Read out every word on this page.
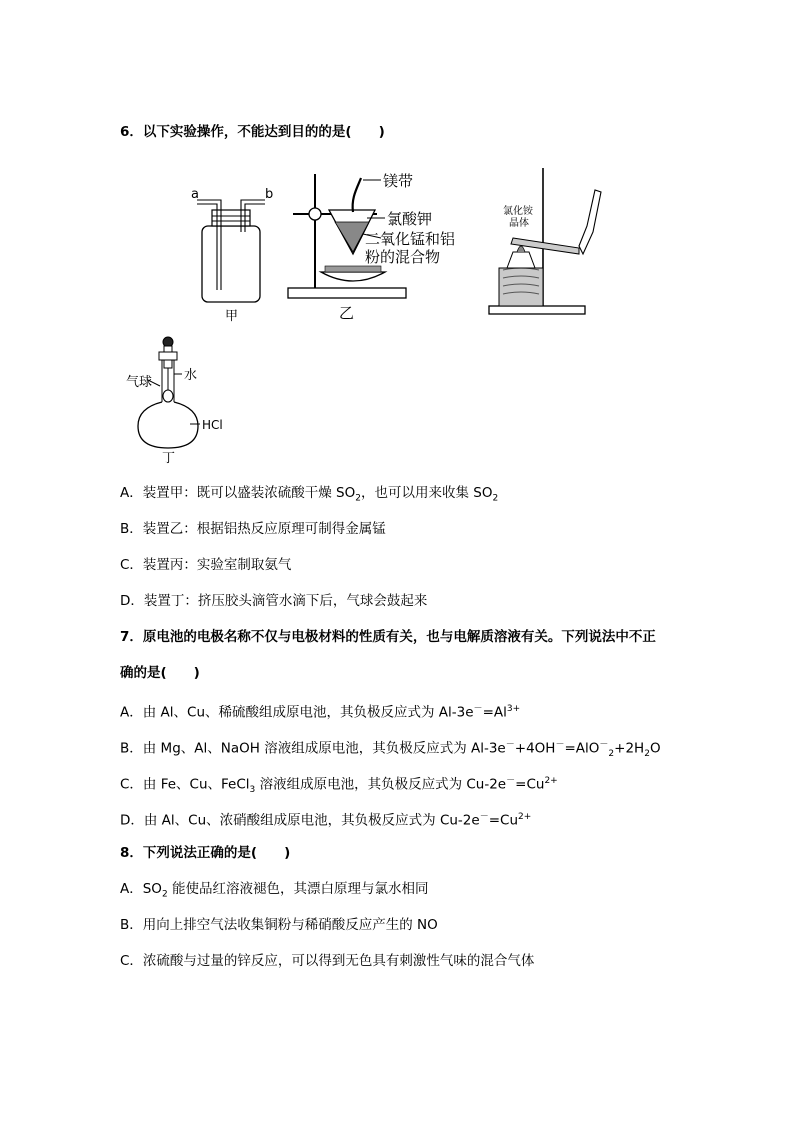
6．以下实验操作，不能达到目的的是(　　)
a	b
甲
镁带
氯酸钾
二氧化锰和铝
粉的混合物
乙
氯化铵
晶体
水
气球
HCl
丁
A．装置甲：既可以盛装浓硫酸干燥 $SO_2$，也可以用来收集 $SO_2$
B．装置乙：根据铝热反应原理可制得金属锰
C．装置丙：实验室制取氨气
D．装置丁：挤压胶头滴管水滴下后，气球会鼓起来
7．原电池的电极名称不仅与电极材料的性质有关，也与电解质溶液有关。下列说法中不正
确的是(　　)
A．由 Al、Cu、稀硫酸组成原电池，其负极反应式为 $Al-3e^-=Al^{3+}$
B．由 Mg、Al、NaOH 溶液组成原电池，其负极反应式为 $Al-3e^-+4OH^-=AlO^-_2+2H_2O$
C．由 Fe、Cu、FeCl$_3$ 溶液组成原电池，其负极反应式为 $Cu-2e^-=Cu^{2+}$
D．由 Al、Cu、浓硝酸组成原电池，其负极反应式为 $Cu-2e^-=Cu^{2+}$
8．下列说法正确的是(　　)
A．$SO_2$ 能使品红溶液褪色，其漂白原理与氯水相同
B．用向上排空气法收集铜粉与稀硝酸反应产生的 NO
C．浓硫酸与过量的锌反应，可以得到无色具有刺激性气味的混合气体
